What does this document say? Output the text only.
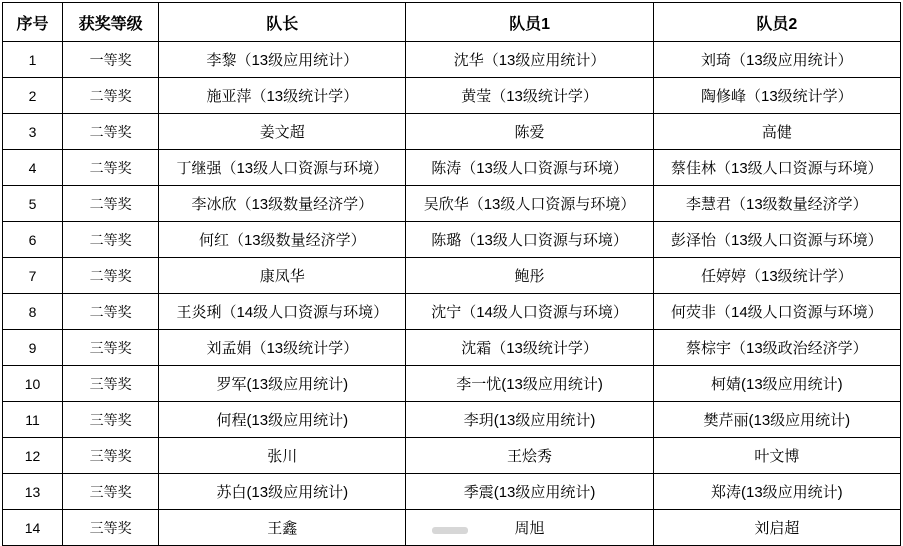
序号	获奖等级	队长	队员1	队员2
1	一等奖	李黎（13级应用统计）	沈华（13级应用统计）	刘琦（13级应用统计）
2	二等奖	施亚萍（13级统计学）	黄莹（13级统计学）	陶修峰（13级统计学）
3	二等奖	姜文超	陈爱	高健
4	二等奖	丁继强（13级人口资源与环境）	陈涛（13级人口资源与环境）	蔡佳林（13级人口资源与环境）
5	二等奖	李冰欣（13级数量经济学）	吴欣华（13级人口资源与环境）	李慧君（13级数量经济学）
6	二等奖	何红（13级数量经济学）	陈璐（13级人口资源与环境）	彭泽怡（13级人口资源与环境）
7	二等奖	康凤华	鲍彤	任婷婷（13级统计学）
8	二等奖	王炎琍（14级人口资源与环境）	沈宁（14级人口资源与环境）	何荧非（14级人口资源与环境）
9	三等奖	刘孟娟（13级统计学）	沈霜（13级统计学）	蔡棕宇（13级政治经济学）
10	三等奖	罗军(13级应用统计)	李一忧(13级应用统计)	柯婧(13级应用统计)
11	三等奖	何程(13级应用统计)	李玥(13级应用统计)	樊芹丽(13级应用统计)
12	三等奖	张川	王烩秀	叶文博
13	三等奖	苏白(13级应用统计)	季震(13级应用统计)	郑涛(13级应用统计)
14	三等奖	王鑫	周旭	刘启超
